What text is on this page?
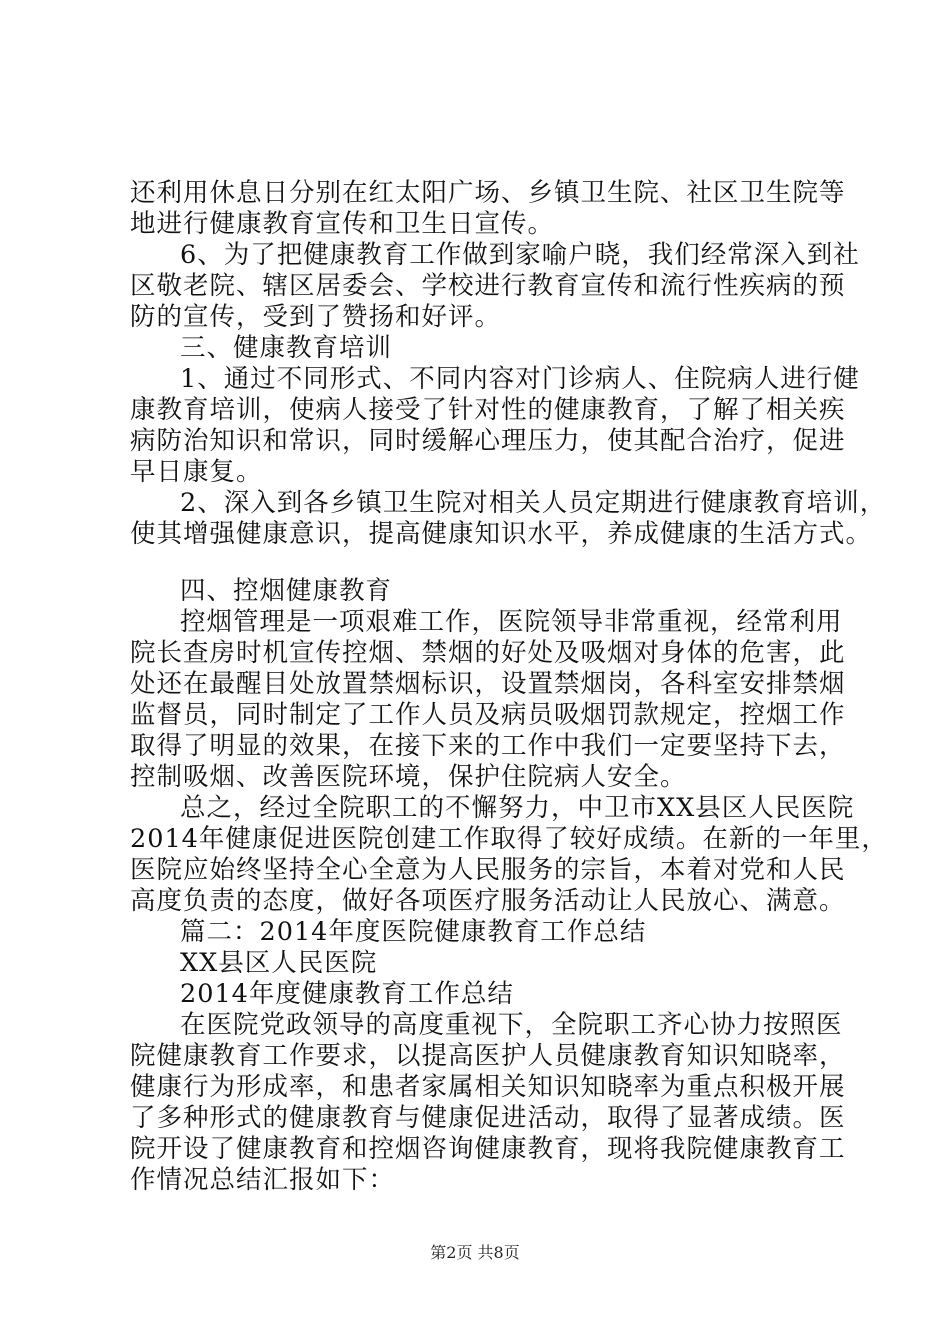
还利用休息日分别在红太阳广场、乡镇卫生院、社区卫生院等
地进行健康教育宣传和卫生日宣传。
6、为了把健康教育工作做到家喻户晓，我们经常深入到社
区敬老院、辖区居委会、学校进行教育宣传和流行性疾病的预
防的宣传，受到了赞扬和好评。
三、健康教育培训
1、通过不同形式、不同内容对门诊病人、住院病人进行健
康教育培训，使病人接受了针对性的健康教育，了解了相关疾
病防治知识和常识，同时缓解心理压力，使其配合治疗，促进
早日康复。
2、深入到各乡镇卫生院对相关人员定期进行健康教育培训，
使其增强健康意识，提高健康知识水平，养成健康的生活方式。
四、控烟健康教育
控烟管理是一项艰难工作，医院领导非常重视，经常利用
院长查房时机宣传控烟、禁烟的好处及吸烟对身体的危害，此
处还在最醒目处放置禁烟标识，设置禁烟岗，各科室安排禁烟
监督员，同时制定了工作人员及病员吸烟罚款规定，控烟工作
取得了明显的效果，在接下来的工作中我们一定要坚持下去，
控制吸烟、改善医院环境，保护住院病人安全。
总之，经过全院职工的不懈努力，中卫市XX县区人民医院
2014年健康促进医院创建工作取得了较好成绩。在新的一年里，
医院应始终坚持全心全意为人民服务的宗旨，本着对党和人民
高度负责的态度，做好各项医疗服务活动让人民放心、满意。
篇二：2014年度医院健康教育工作总结
XX县区人民医院
2014年度健康教育工作总结
在医院党政领导的高度重视下，全院职工齐心协力按照医
院健康教育工作要求，以提高医护人员健康教育知识知晓率，
健康行为形成率，和患者家属相关知识知晓率为重点积极开展
了多种形式的健康教育与健康促进活动，取得了显著成绩。医
院开设了健康教育和控烟咨询健康教育，现将我院健康教育工
作情况总结汇报如下：
第2页 共8页
